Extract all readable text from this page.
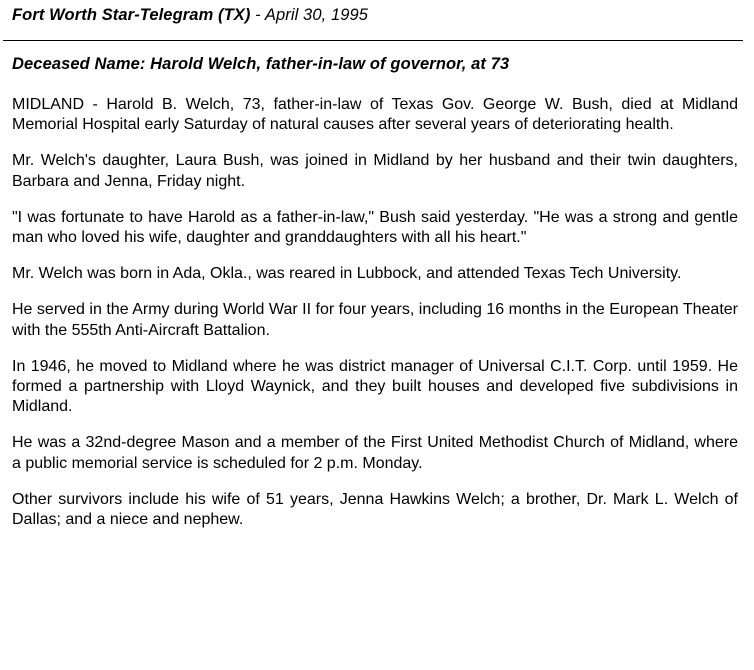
Fort Worth Star-Telegram (TX) - April 30, 1995
Deceased Name: Harold Welch, father-in-law of governor, at 73

MIDLAND - Harold B. Welch, 73, father-in-law of Texas Gov. George W. Bush, died at Midland Memorial Hospital early Saturday of natural causes after several years of deteriorating health.

Mr. Welch's daughter, Laura Bush, was joined in Midland by her husband and their twin daughters, Barbara and Jenna, Friday night.

"I was fortunate to have Harold as a father-in-law," Bush said yesterday. "He was a strong and gentle man who loved his wife, daughter and granddaughters with all his heart."

Mr. Welch was born in Ada, Okla., was reared in Lubbock, and attended Texas Tech University.

He served in the Army during World War II for four years, including 16 months in the European Theater with the 555th Anti-Aircraft Battalion.

In 1946, he moved to Midland where he was district manager of Universal C.I.T. Corp. until 1959. He formed a partnership with Lloyd Waynick, and they built houses and developed five subdivisions in Midland.

He was a 32nd-degree Mason and a member of the First United Methodist Church of Midland, where a public memorial service is scheduled for 2 p.m. Monday.

Other survivors include his wife of 51 years, Jenna Hawkins Welch; a brother, Dr. Mark L. Welch of Dallas; and a niece and nephew.
